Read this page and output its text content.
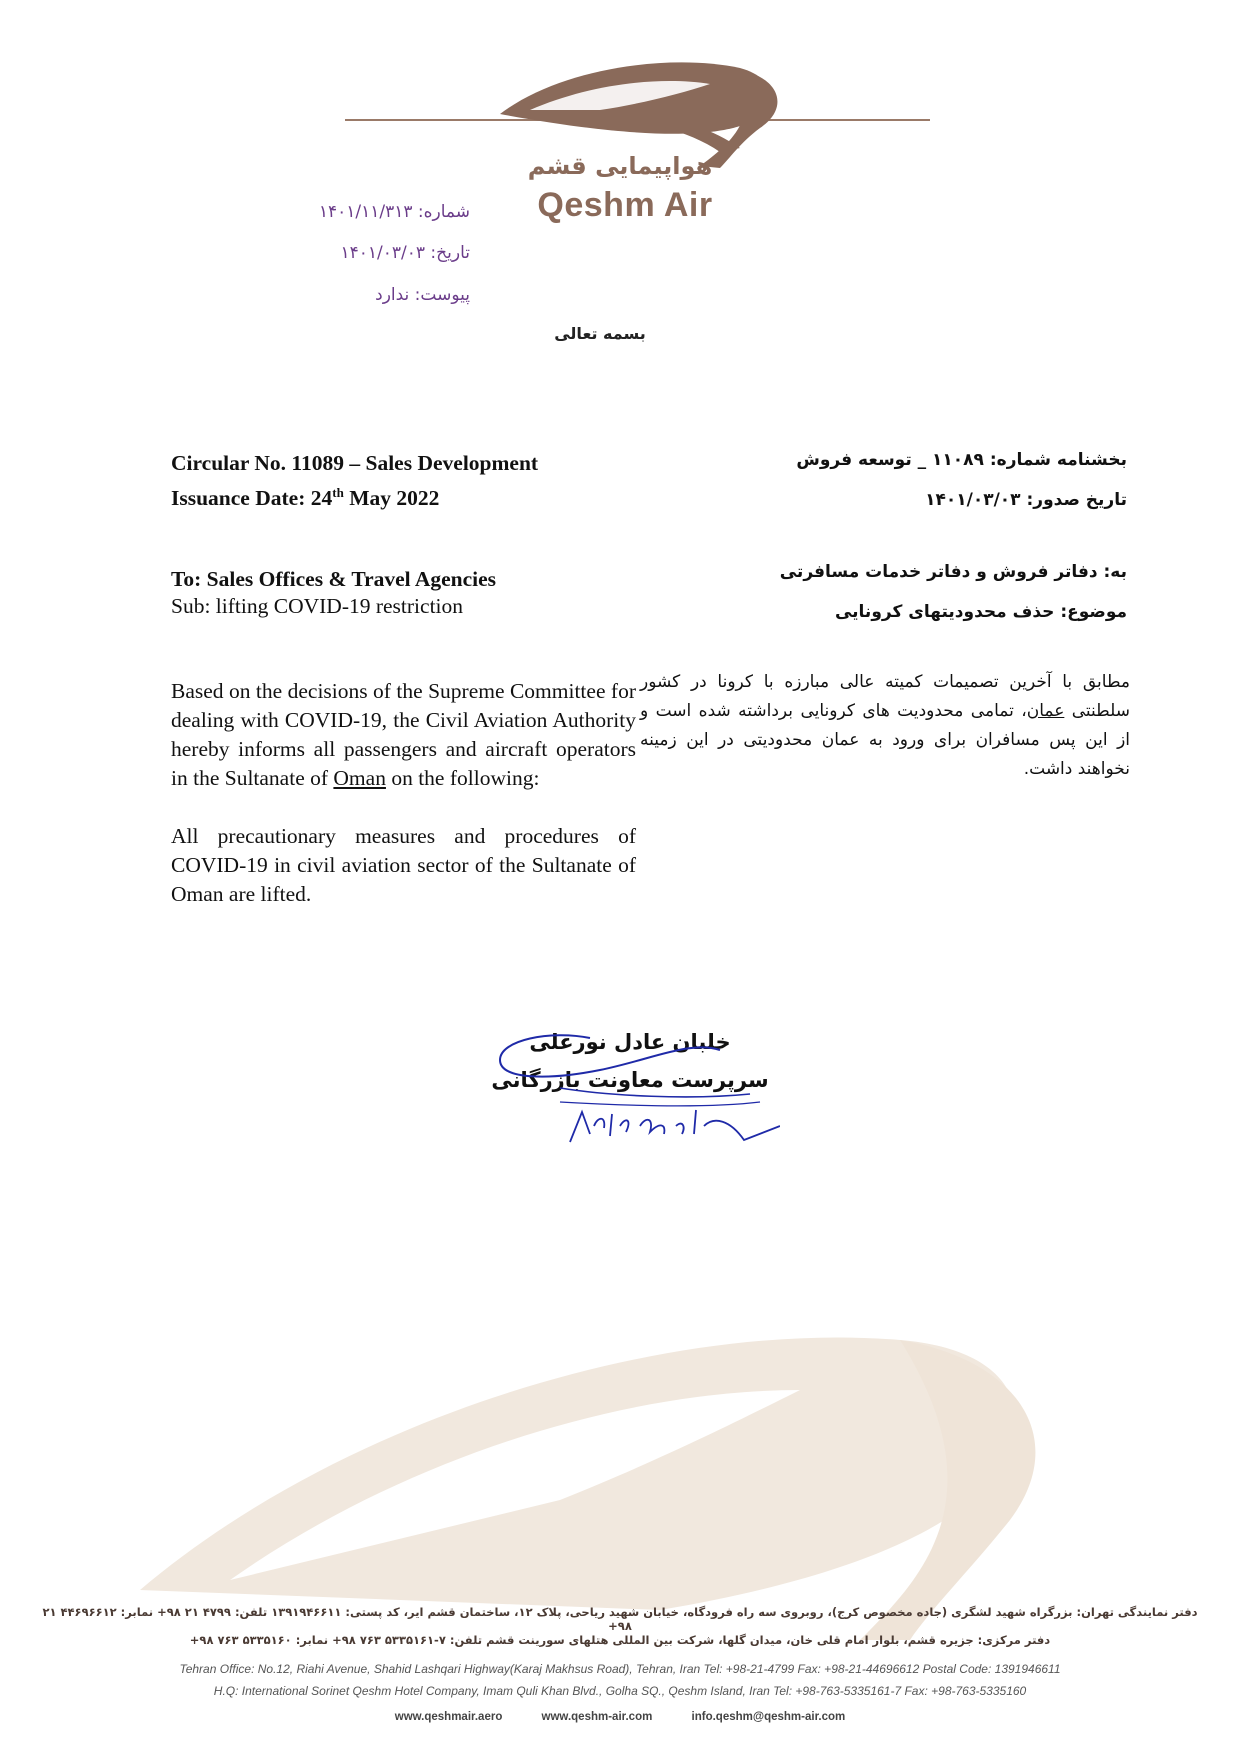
هواپیمایی قشم
Qeshm Air
شماره: ۱۴۰۱/۱۱/۳۱۳
تاریخ: ۱۴۰۱/۰۳/۰۳
پیوست: ندارد
بسمه تعالی
Circular No. 11089 – Sales Development
Issuance Date: 24th May 2022
To: Sales Offices & Travel Agencies
Sub: lifting COVID-19 restriction
Based on the decisions of the Supreme Committee for dealing with COVID-19, the Civil Aviation Authority hereby informs all passengers and aircraft operators in the Sultanate of Oman on the following:
All precautionary measures and procedures of COVID-19 in civil aviation sector of the Sultanate of Oman are lifted.
بخشنامه شماره: ۱۱۰۸۹ _ توسعه فروش
تاریخ صدور: ۱۴۰۱/۰۳/۰۳
به: دفاتر فروش و دفاتر خدمات مسافرتی
موضوع: حذف محدودیتهای کرونایی
مطابق با آخرین تصمیمات کمیته عالی مبارزه با کرونا در کشور سلطنتی عمان، تمامی محدودیت های کرونایی برداشته شده است و از این پس مسافران برای ورود به عمان محدودیتی در این زمینه نخواهند داشت.
خلبان عادل نورعلی
سرپرست معاونت بازرگانی
دفتر نمایندگی تهران: بزرگراه شهید لشگری (جاده مخصوص کرج)، روبروی سه راه فرودگاه، خیابان شهید ریاحی، پلاک ۱۲، ساختمان قشم ایر، کد پستی: ۱۳۹۱۹۴۶۶۱۱ تلفن: ۴۷۹۹ ۲۱ ۹۸+ نمابر: ۴۴۶۹۶۶۱۲ ۲۱ ۹۸+
دفتر مرکزی: جزیره قشم، بلوار امام قلی خان، میدان گلها، شرکت بین المللی هتلهای سورینت قشم تلفن: ۷-۵۳۳۵۱۶۱ ۷۶۳ ۹۸+ نمابر: ۵۳۳۵۱۶۰ ۷۶۳ ۹۸+
Tehran Office: No.12, Riahi Avenue, Shahid Lashqari Highway(Karaj Makhsus Road), Tehran, Iran Tel: +98-21-4799 Fax: +98-21-44696612 Postal Code: 1391946611
H.Q: International Sorinet Qeshm Hotel Company, Imam Quli Khan Blvd., Golha SQ., Qeshm Island, Iran Tel: +98-763-5335161-7 Fax: +98-763-5335160
www.qeshmair.aero	www.qeshm-air.com	info.qeshm@qeshm-air.com
